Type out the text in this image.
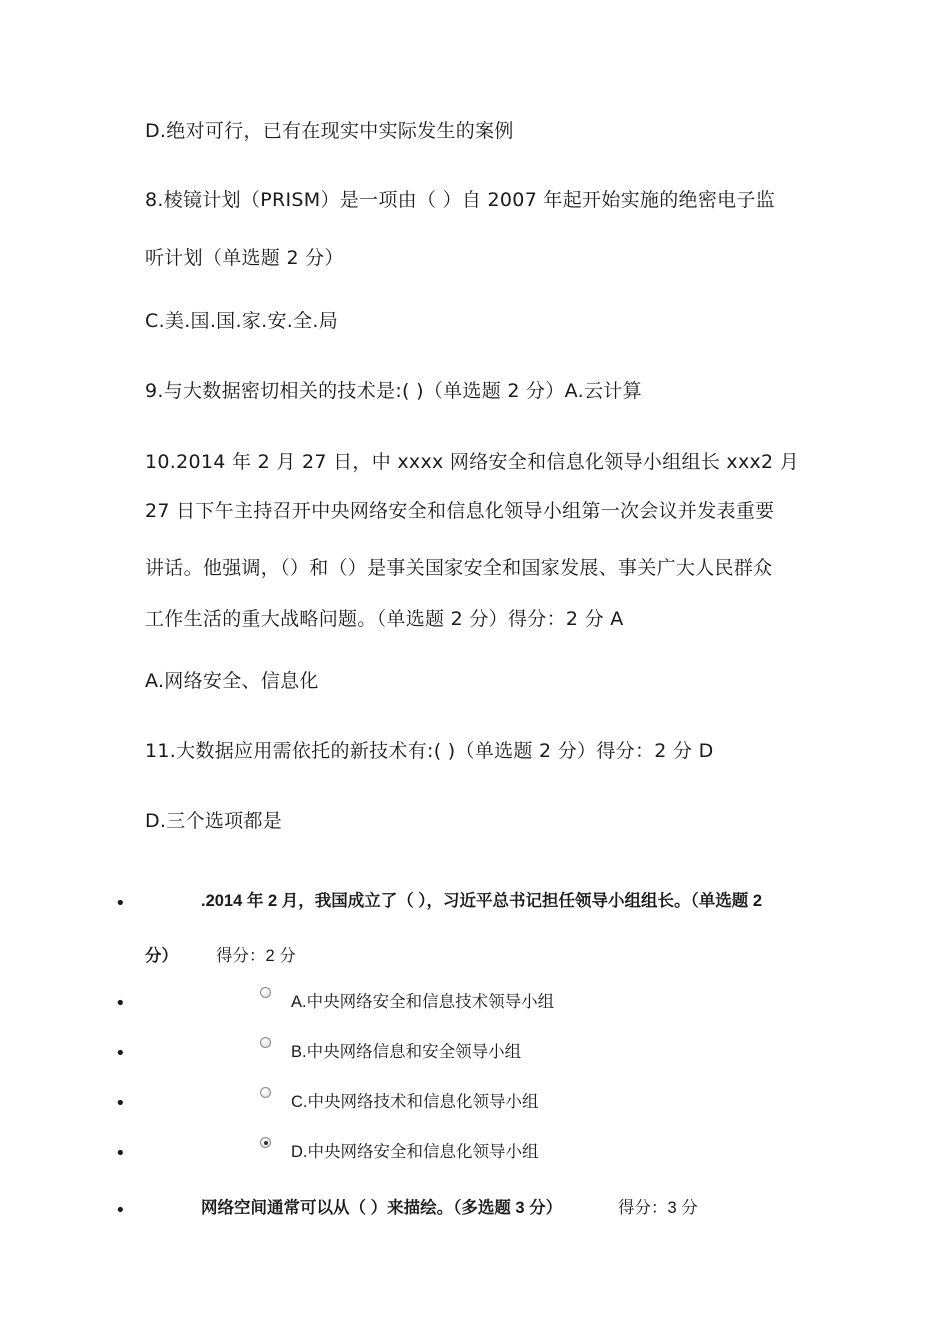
D.绝对可行，已有在现实中实际发生的案例
8.棱镜计划（PRISM）是一项由（ ）自 2007 年起开始实施的绝密电子监
听计划（单选题 2 分）
C.美.国.国.家.安.全.局
9.与大数据密切相关的技术是:( )（单选题 2 分）A.云计算
10.2014 年 2 月 27 日，中 xxxx 网络安全和信息化领导小组组长 xxx2 月
27 日下午主持召开中央网络安全和信息化领导小组第一次会议并发表重要
讲话。他强调，（）和（）是事关国家安全和国家发展、事关广大人民群众
工作生活的重大战略问题。（单选题 2 分）得分：2 分 A
A.网络安全、信息化
11.大数据应用需依托的新技术有:( )（单选题 2 分）得分：2 分 D
D.三个选项都是
•	.2014 年 2 月，我国成立了（ ），习近平总书记担任领导小组组长。（单选题 2
分） 得分：2 分
•	A.中央网络安全和信息技术领导小组
•	B.中央网络信息和安全领导小组
•	C.中央网络技术和信息化领导小组
•	D.中央网络安全和信息化领导小组
•	网络空间通常可以从（ ）来描绘。（多选题 3 分）	得分：3 分
